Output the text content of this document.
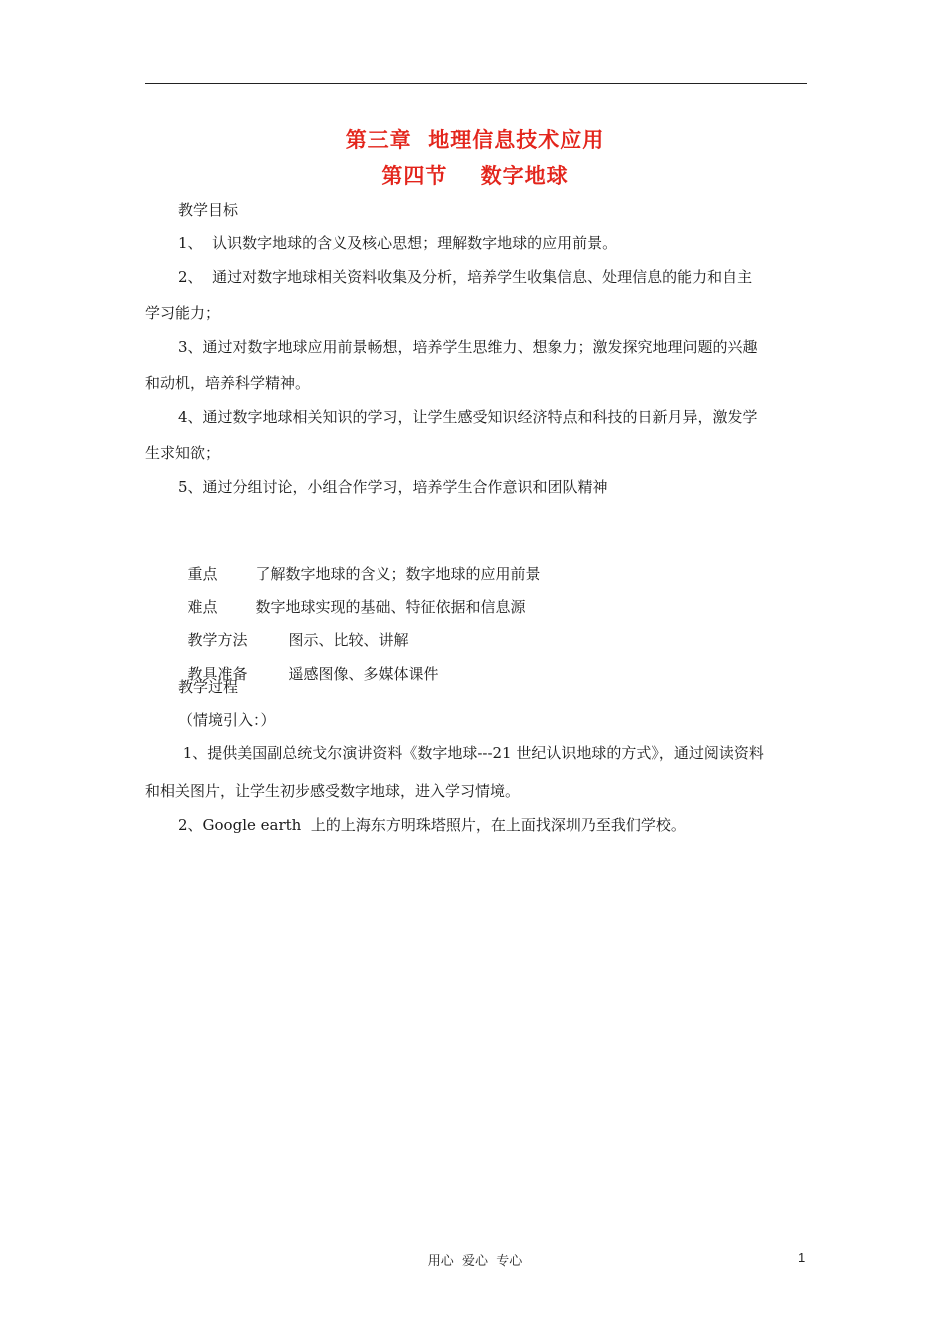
第三章  地理信息技术应用
第四节    数字地球
教学目标
1、  认识数字地球的含义及核心思想；理解数字地球的应用前景。
2、  通过对数字地球相关资料收集及分析，培养学生收集信息、处理信息的能力和自主
学习能力；
3、通过对数字地球应用前景畅想，培养学生思维力、想象力；激发探究地理问题的兴趣
和动机，培养科学精神。
4、通过数字地球相关知识的学习，让学生感受知识经济特点和科技的日新月异，激发学
生求知欲；
5、通过分组讨论，小组合作学习，培养学生合作意识和团队精神

重点	了解数字地球的含义；数字地球的应用前景

难点	数字地球实现的基础、特征依据和信息源

教学方法	图示、比较、讲解

教具准备	遥感图像、多媒体课件

教学过程
（情境引入：）
1、提供美国副总统戈尔演讲资料《数字地球---21 世纪认识地球的方式》，通过阅读资料
和相关图片，让学生初步感受数字地球，进入学习情境。
2、Google earth  上的上海东方明珠塔照片，在上面找深圳乃至我们学校。
用心  爱心  专心	1
